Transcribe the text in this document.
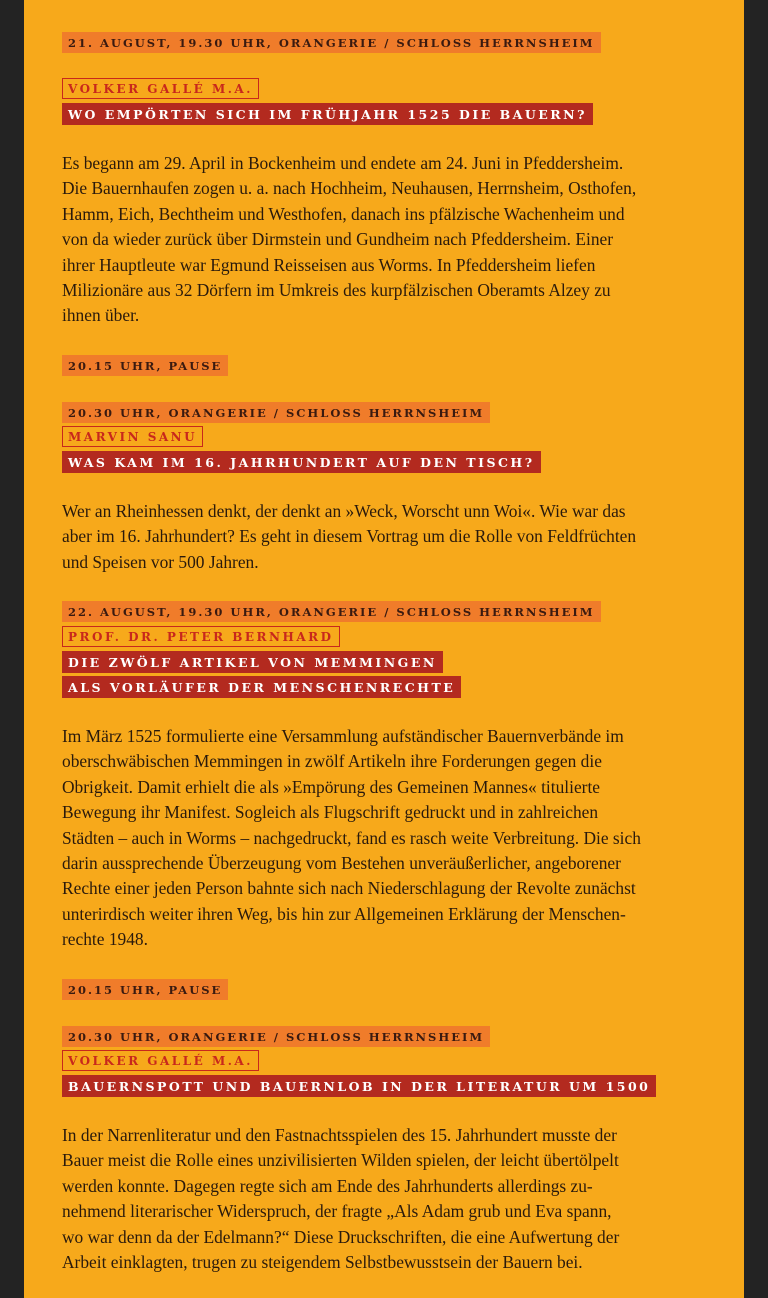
21. AUGUST, 19.30 UHR, ORANGERIE / SCHLOSS HERRNSHEIM
VOLKER GALLÉ M.A.
WO EMPÖRTEN SICH IM FRÜHJAHR 1525 DIE BAUERN?

Es begann am 29. April in Bockenheim und endete am 24. Juni in Pfeddersheim.
Die Bauernhaufen zogen u. a. nach Hochheim, Neuhausen, Herrnsheim, Osthofen,
Hamm, Eich, Bechtheim und Westhofen, danach ins pfälzische Wachenheim und
von da wieder zurück über Dirmstein und Gundheim nach Pfeddersheim. Einer
ihrer Hauptleute war Egmund Reisseisen aus Worms. In Pfeddersheim liefen
Milizionäre aus 32 Dörfern im Umkreis des kurpfälzischen Oberamts Alzey zu
ihnen über.

20.15 UHR, PAUSE
20.30 UHR, ORANGERIE / SCHLOSS HERRNSHEIM
MARVIN SANU
WAS KAM IM 16. JAHRHUNDERT AUF DEN TISCH?

Wer an Rheinhessen denkt, der denkt an »Weck, Worscht unn Woi«. Wie war das
aber im 16. Jahrhundert? Es geht in diesem Vortrag um die Rolle von Feldfrüchten
und Speisen vor 500 Jahren.

22. AUGUST, 19.30 UHR, ORANGERIE / SCHLOSS HERRNSHEIM
PROF. DR. PETER BERNHARD
DIE ZWÖLF ARTIKEL VON MEMMINGEN
ALS VORLÄUFER DER MENSCHENRECHTE

Im März 1525 formulierte eine Versammlung aufständischer Bauernverbände im
oberschwäbischen Memmingen in zwölf Artikeln ihre Forderungen gegen die
Obrigkeit. Damit erhielt die als »Empörung des Gemeinen Mannes« titulierte
Bewegung ihr Manifest. Sogleich als Flugschrift gedruckt und in zahlreichen
Städten – auch in Worms – nachgedruckt, fand es rasch weite Verbreitung. Die sich
darin aussprechende Überzeugung vom Bestehen unveräußerlicher, angeborener
Rechte einer jeden Person bahnte sich nach Niederschlagung der Revolte zunächst
unterirdisch weiter ihren Weg, bis hin zur Allgemeinen Erklärung der Menschen-
rechte 1948.

20.15 UHR, PAUSE
20.30 UHR, ORANGERIE / SCHLOSS HERRNSHEIM
VOLKER GALLÉ M.A.
BAUERNSPOTT UND BAUERNLOB IN DER LITERATUR UM 1500

In der Narrenliteratur und den Fastnachtsspielen des 15. Jahrhundert musste der
Bauer meist die Rolle eines unzivilisierten Wilden spielen, der leicht übertölpelt
werden konnte. Dagegen regte sich am Ende des Jahrhunderts allerdings zu-
nehmend literarischer Widerspruch, der fragte „Als Adam grub und Eva spann,
wo war denn da der Edelmann?“ Diese Druckschriften, die eine Aufwertung der
Arbeit einklagten, trugen zu steigendem Selbstbewusstsein der Bauern bei.
